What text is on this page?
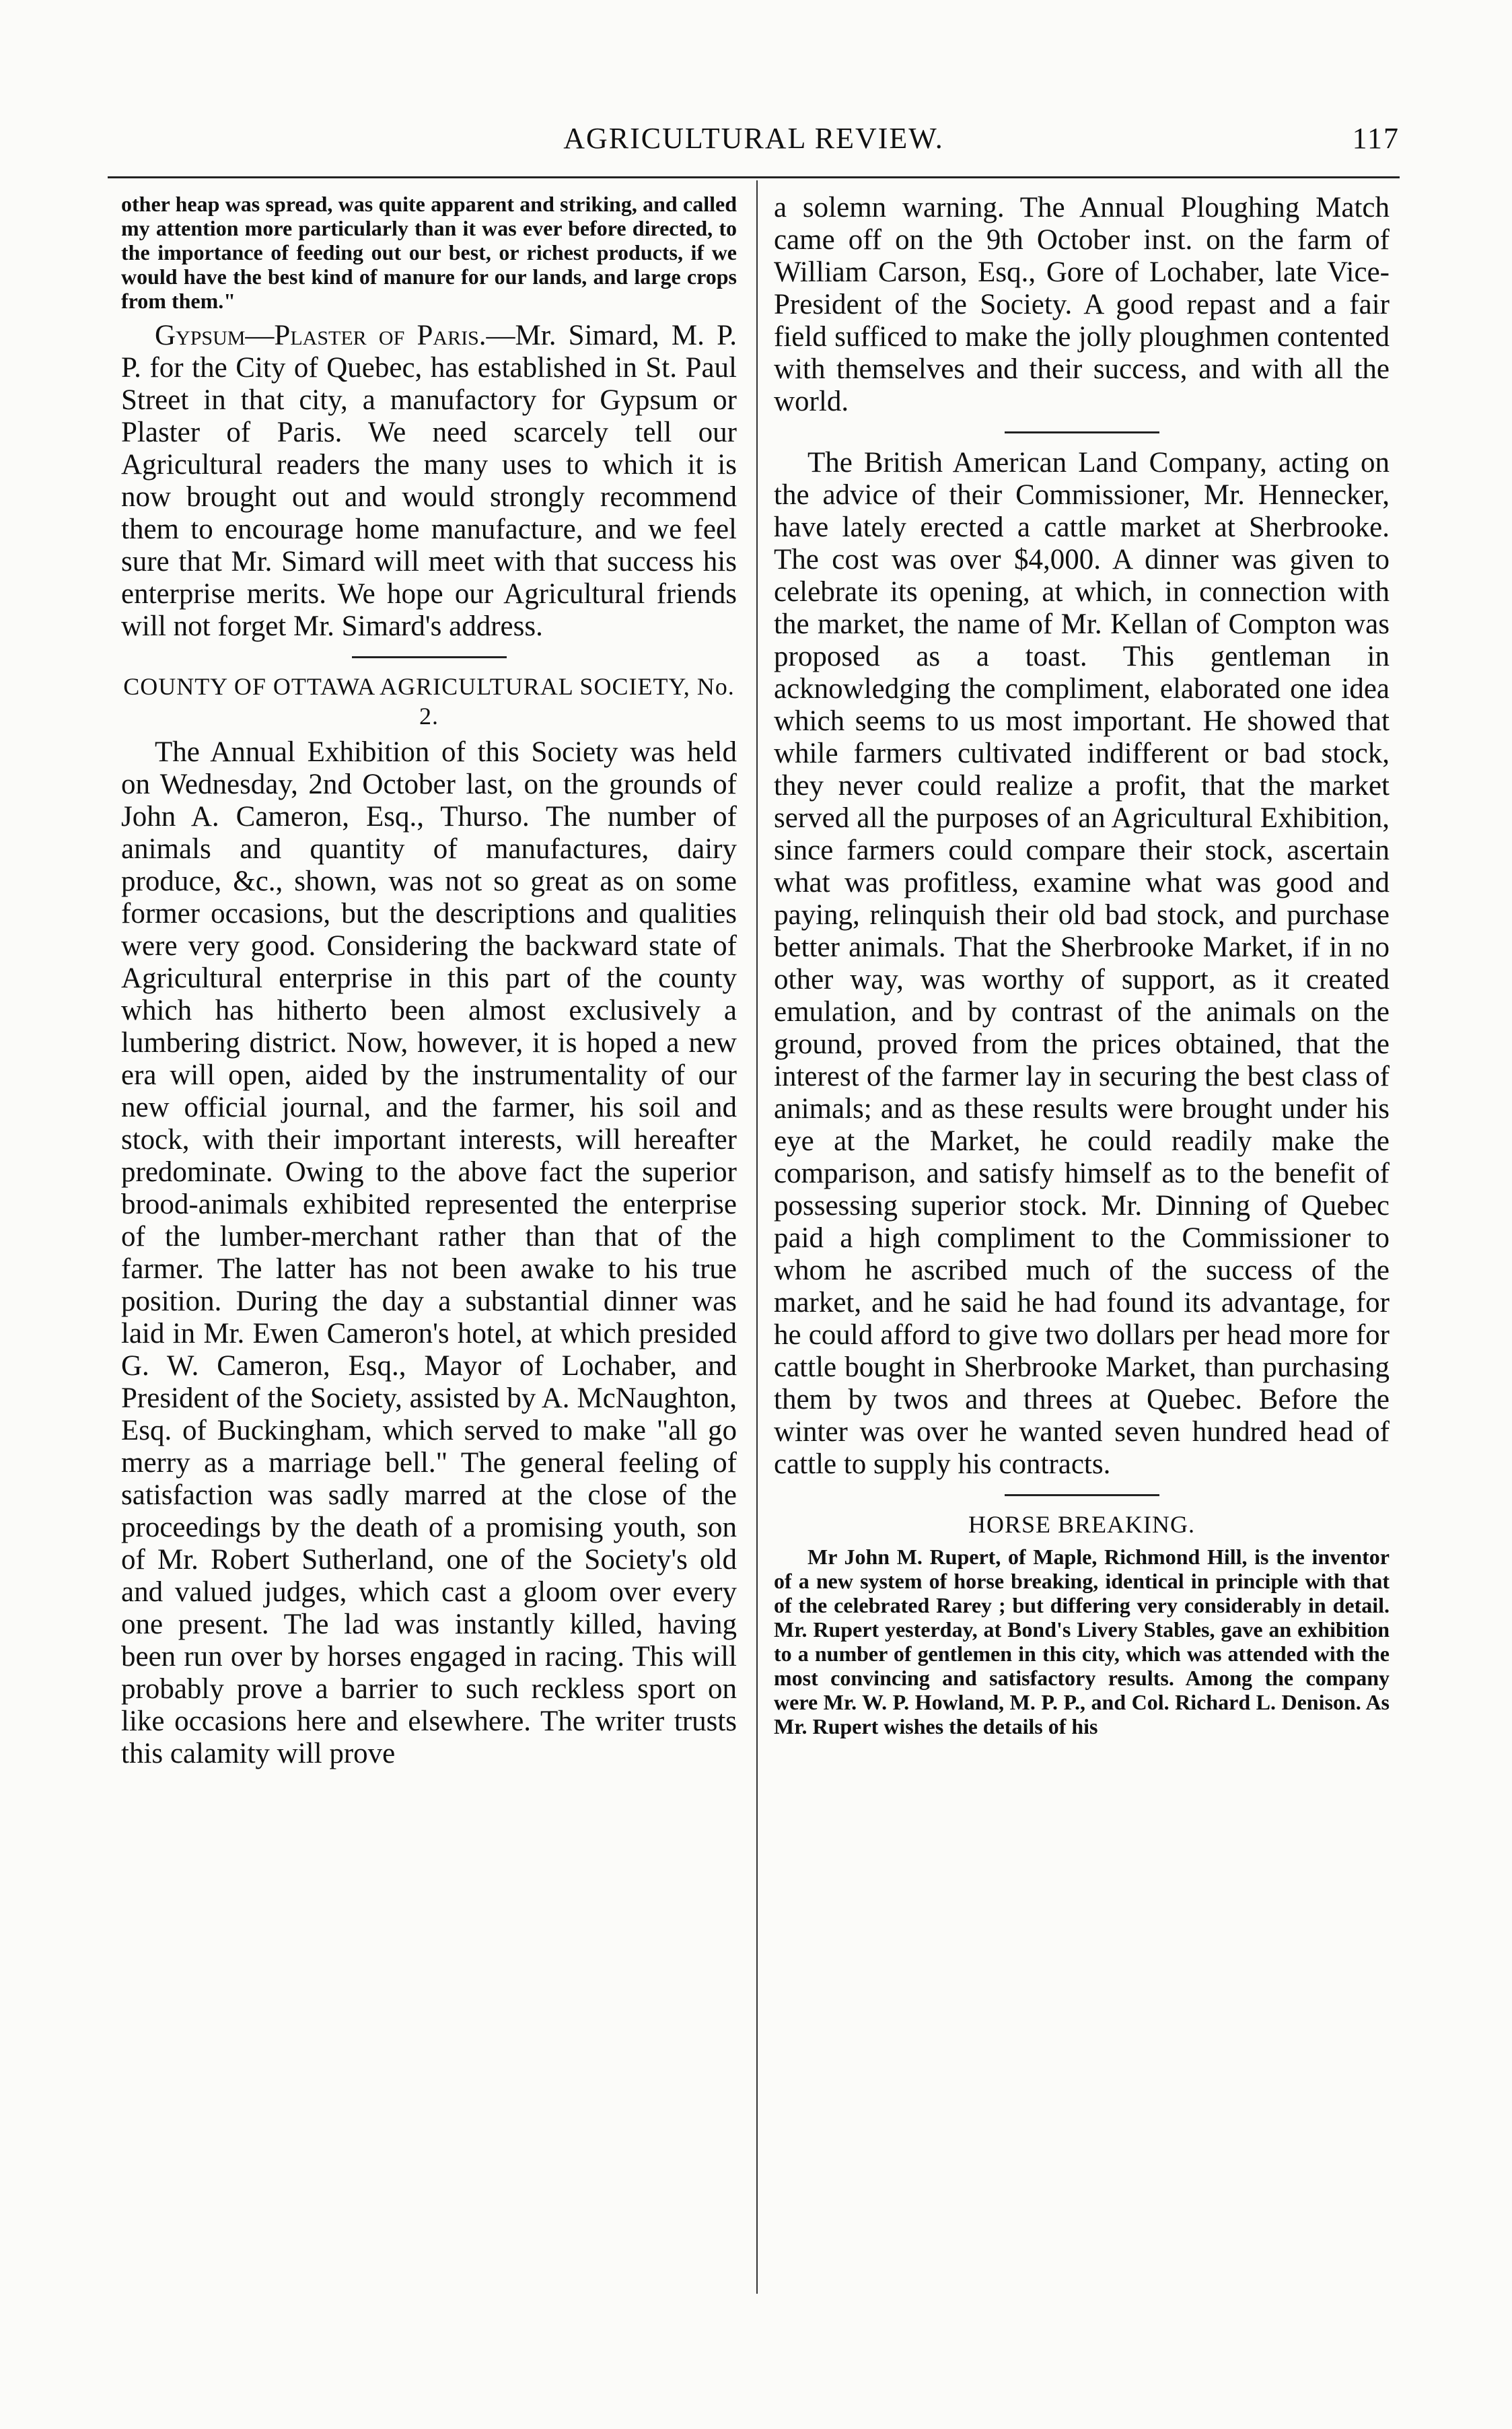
AGRICULTURAL REVIEW.	117

other heap was spread, was quite apparent and striking, and called my attention more particularly than it was ever before directed, to the importance of feeding out our best, or richest products, if we would have the best kind of manure for our lands, and large crops from them."

Gypsum—Plaster of Paris.—Mr. Simard, M. P. P. for the City of Quebec, has established in St. Paul Street in that city, a manufactory for Gypsum or Plaster of Paris. We need scarcely tell our Agricultural readers the many uses to which it is now brought out and would strongly recommend them to encourage home manufacture, and we feel sure that Mr. Simard will meet with that success his enterprise merits. We hope our Agricultural friends will not forget Mr. Simard's address.

COUNTY OF OTTAWA AGRICULTURAL SOCIETY, No. 2.

The Annual Exhibition of this Society was held on Wednesday, 2nd October last, on the grounds of John A. Cameron, Esq., Thurso. The number of animals and quantity of manufactures, dairy produce, &c., shown, was not so great as on some former occasions, but the descriptions and qualities were very good. Considering the backward state of Agricultural enterprise in this part of the county which has hitherto been almost exclusively a lumbering district. Now, however, it is hoped a new era will open, aided by the instrumentality of our new official journal, and the farmer, his soil and stock, with their important interests, will hereafter predominate. Owing to the above fact the superior brood-animals exhibited represented the enterprise of the lumber-merchant rather than that of the farmer. The latter has not been awake to his true position. During the day a substantial dinner was laid in Mr. Ewen Cameron's hotel, at which presided G. W. Cameron, Esq., Mayor of Lochaber, and President of the Society, assisted by A. McNaughton, Esq. of Buckingham, which served to make "all go merry as a marriage bell." The general feeling of satisfaction was sadly marred at the close of the proceedings by the death of a promising youth, son of Mr. Robert Sutherland, one of the Society's old and valued judges, which cast a gloom over every one present. The lad was instantly killed, having been run over by horses engaged in racing. This will probably prove a barrier to such reckless sport on like occasions here and elsewhere. The writer trusts this calamity will prove

a solemn warning. The Annual Ploughing Match came off on the 9th October inst. on the farm of William Carson, Esq., Gore of Lochaber, late Vice-President of the Society. A good repast and a fair field sufficed to make the jolly ploughmen contented with themselves and their success, and with all the world.

The British American Land Company, acting on the advice of their Commissioner, Mr. Hennecker, have lately erected a cattle market at Sherbrooke. The cost was over $4,000. A dinner was given to celebrate its opening, at which, in connection with the market, the name of Mr. Kellan of Compton was proposed as a toast. This gentleman in acknowledging the compliment, elaborated one idea which seems to us most important. He showed that while farmers cultivated indifferent or bad stock, they never could realize a profit, that the market served all the purposes of an Agricultural Exhibition, since farmers could compare their stock, ascertain what was profitless, examine what was good and paying, relinquish their old bad stock, and purchase better animals. That the Sherbrooke Market, if in no other way, was worthy of support, as it created emulation, and by contrast of the animals on the ground, proved from the prices obtained, that the interest of the farmer lay in securing the best class of animals; and as these results were brought under his eye at the Market, he could readily make the comparison, and satisfy himself as to the benefit of possessing superior stock. Mr. Dinning of Quebec paid a high compliment to the Commissioner to whom he ascribed much of the success of the market, and he said he had found its advantage, for he could afford to give two dollars per head more for cattle bought in Sherbrooke Market, than purchasing them by twos and threes at Quebec. Before the winter was over he wanted seven hundred head of cattle to supply his contracts.

HORSE BREAKING.

Mr John M. Rupert, of Maple, Richmond Hill, is the inventor of a new system of horse breaking, identical in principle with that of the celebrated Rarey ; but differing very considerably in detail. Mr. Rupert yesterday, at Bond's Livery Stables, gave an exhibition to a number of gentlemen in this city, which was attended with the most convincing and satisfactory results. Among the company were Mr. W. P. Howland, M. P. P., and Col. Richard L. Denison. As Mr. Rupert wishes the details of his
